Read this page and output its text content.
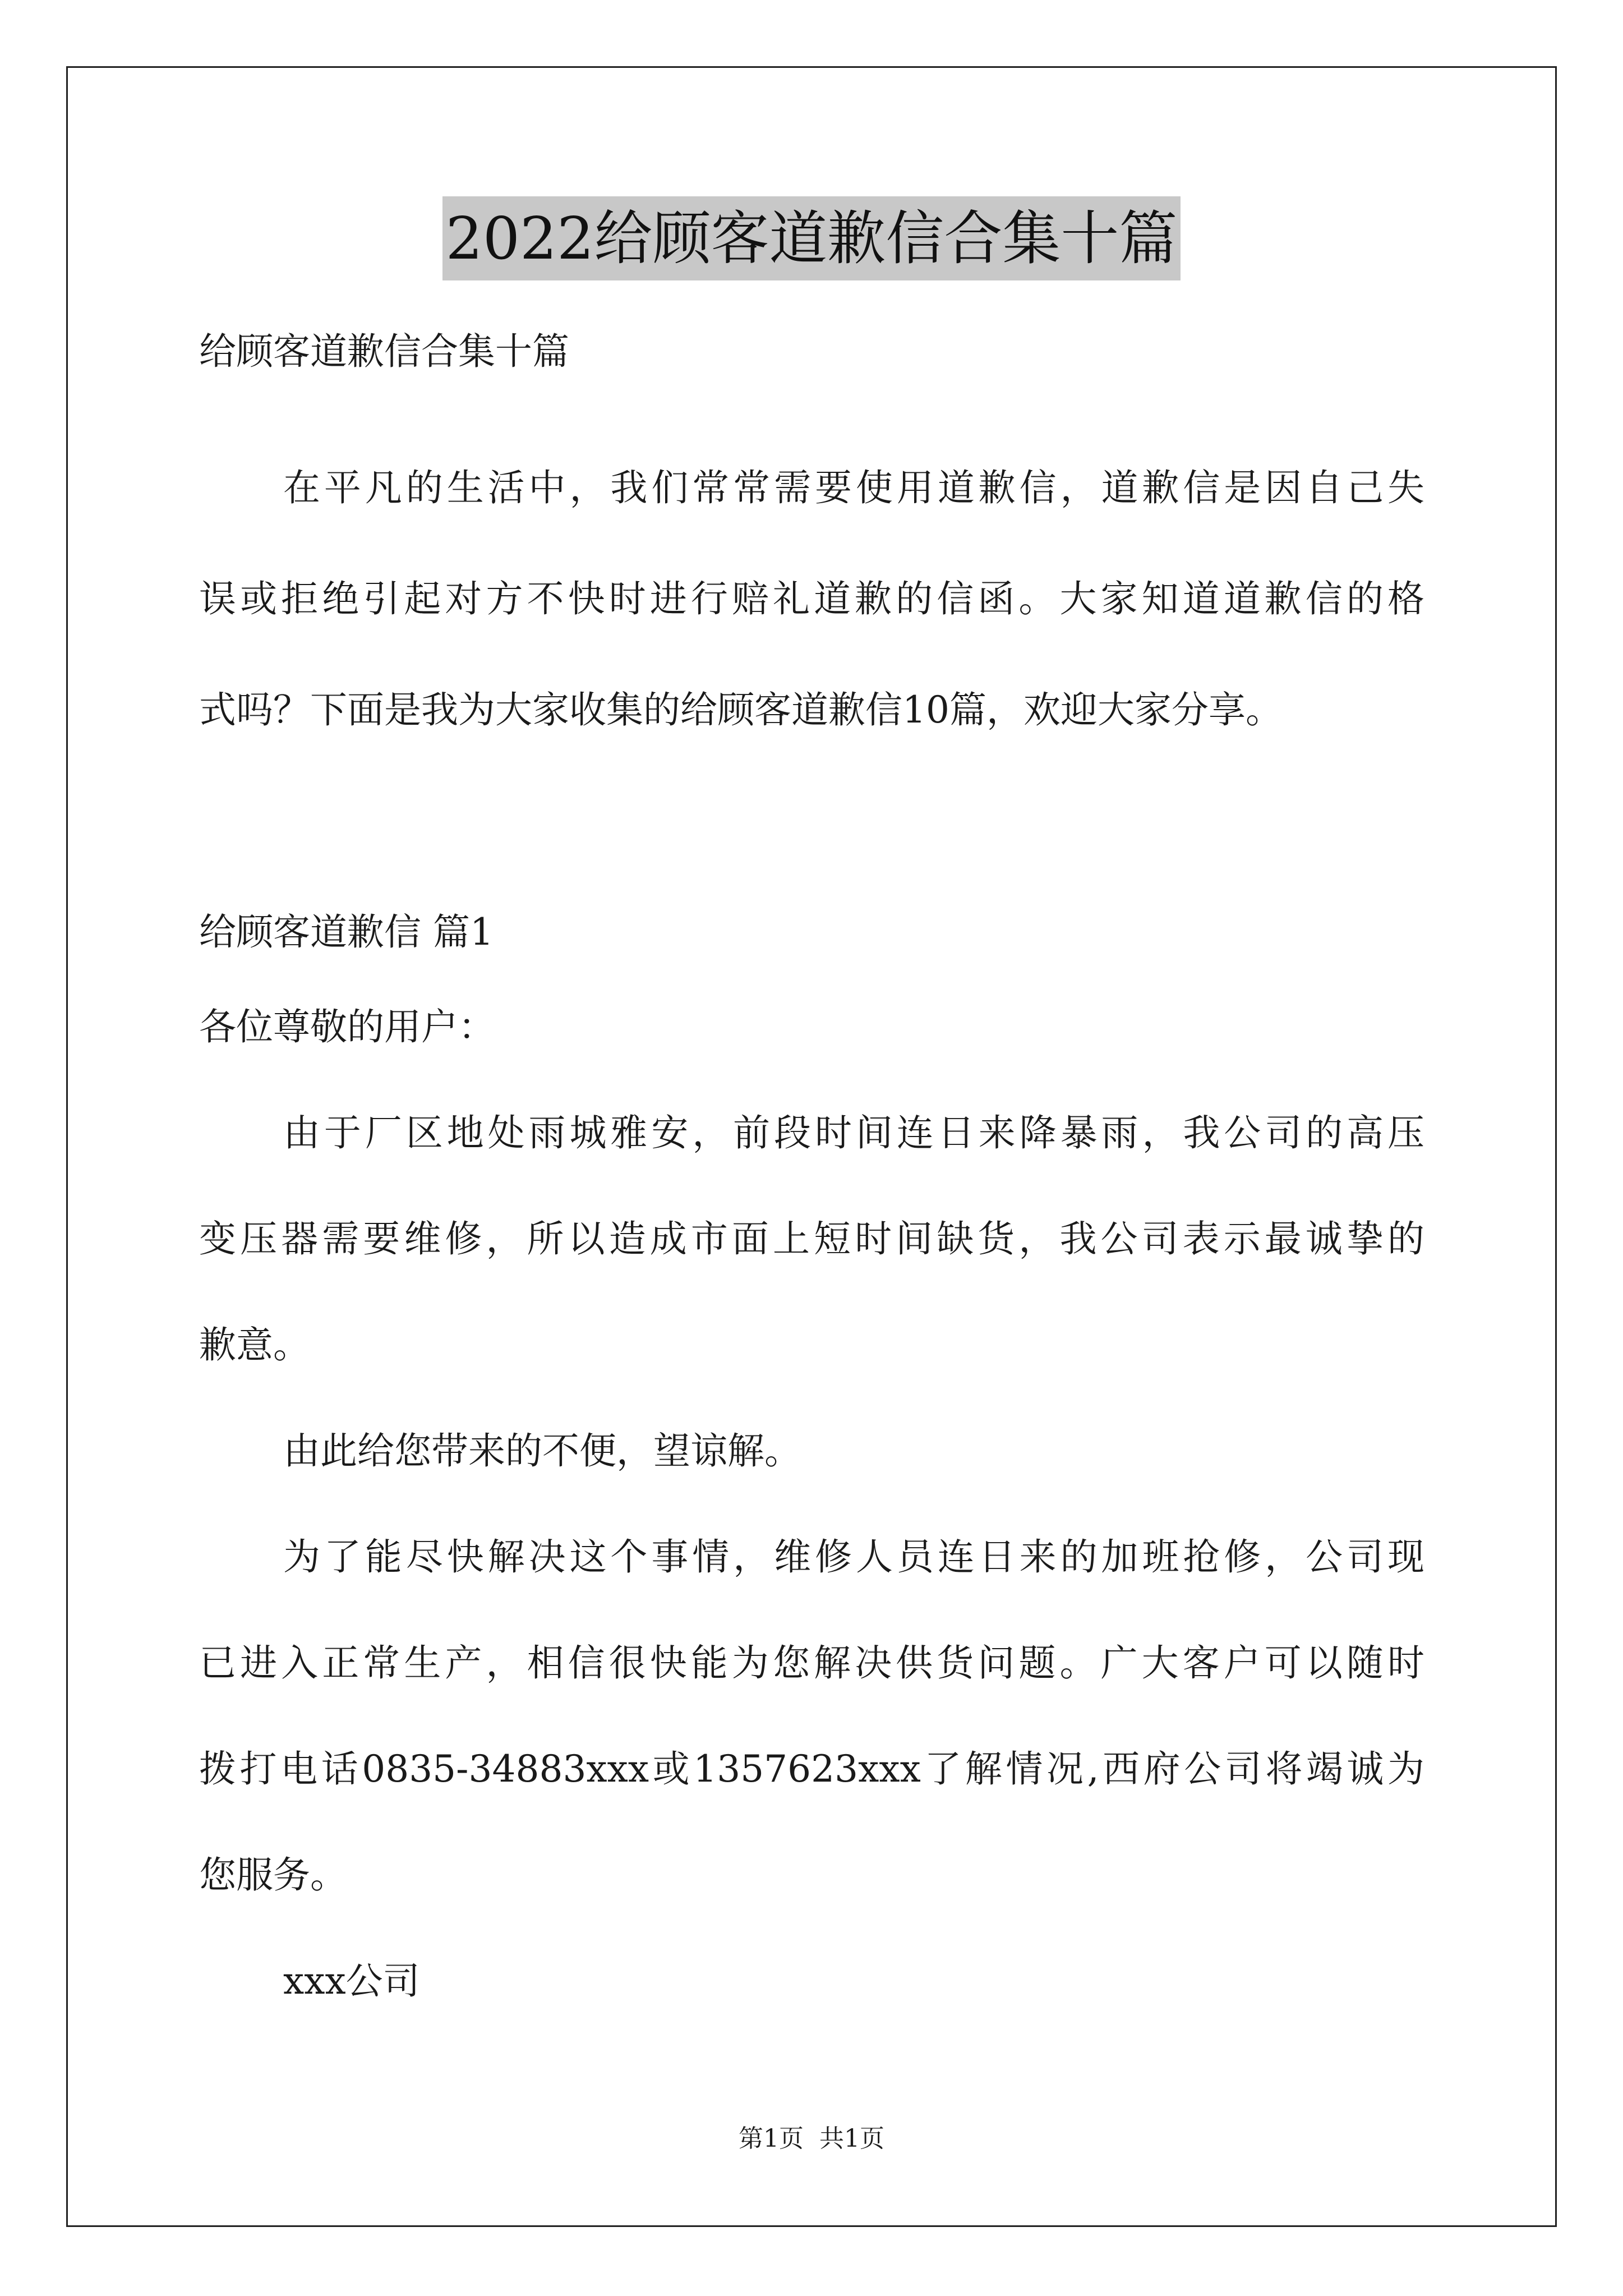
2022给顾客道歉信合集十篇
给顾客道歉信合集十篇
在平凡的生活中，我们常常需要使用道歉信，道歉信是因自己失
误或拒绝引起对方不快时进行赔礼道歉的信函。大家知道道歉信的格
式吗？下面是我为大家收集的给顾客道歉信10篇，欢迎大家分享。
给顾客道歉信 篇1
各位尊敬的用户：
由于厂区地处雨城雅安，前段时间连日来降暴雨，我公司的高压
变压器需要维修，所以造成市面上短时间缺货，我公司表示最诚挚的
歉意。
由此给您带来的不便，望谅解。
为了能尽快解决这个事情，维修人员连日来的加班抢修，公司现
已进入正常生产，相信很快能为您解决供货问题。广大客户可以随时
拨打电话0835-34883xxx或1357623xxx了解情况,西府公司将竭诚为
您服务。
xxx公司
第1页 共1页
